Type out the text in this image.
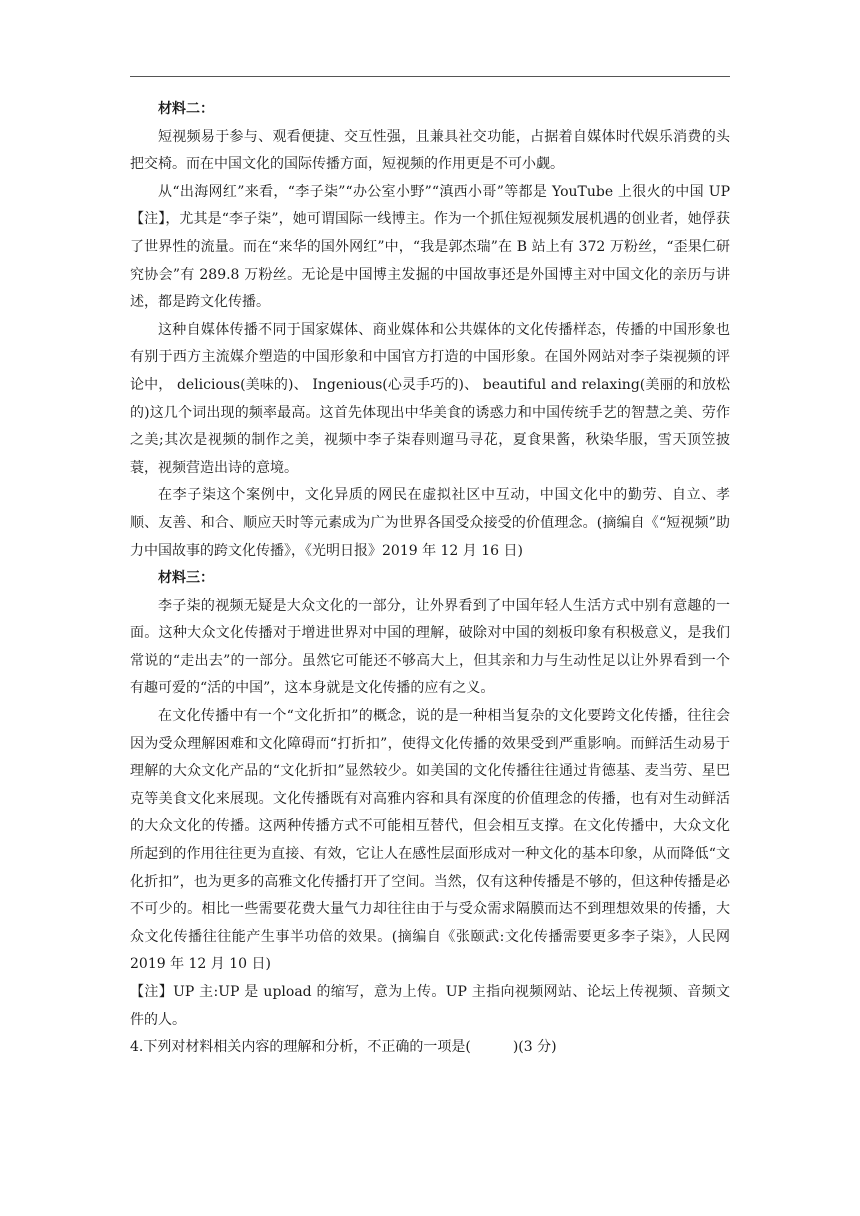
材料二：

短视频易于参与、观看便捷、交互性强，且兼具社交功能，占据着自媒体时代娱乐消费的头把交椅。而在中国文化的国际传播方面，短视频的作用更是不可小觑。

从“出海网红”来看，“李子柒”“办公室小野”“滇西小哥”等都是 YouTube 上很火的中国 UP【注】，尤其是“李子柒”，她可谓国际一线博主。作为一个抓住短视频发展机遇的创业者，她俘获了世界性的流量。而在“来华的国外网红”中，“我是郭杰瑞”在 B 站上有 372 万粉丝，“歪果仁研究协会”有 289.8 万粉丝。无论是中国博主发掘的中国故事还是外国博主对中国文化的亲历与讲述，都是跨文化传播。

这种自媒体传播不同于国家媒体、商业媒体和公共媒体的文化传播样态，传播的中国形象也有别于西方主流媒介塑造的中国形象和中国官方打造的中国形象。在国外网站对李子柒视频的评论中， delicious(美味的)、 Ingenious(心灵手巧的)、 beautiful and relaxing(美丽的和放松的)这几个词出现的频率最高。这首先体现出中华美食的诱惑力和中国传统手艺的智慧之美、劳作之美;其次是视频的制作之美，视频中李子柒春则遛马寻花，夏食果酱，秋染华服，雪天顶笠披蓑，视频营造出诗的意境。

在李子柒这个案例中，文化异质的网民在虚拟社区中互动，中国文化中的勤劳、自立、孝顺、友善、和合、顺应天时等元素成为广为世界各国受众接受的价值理念。(摘编自《“短视频”助力中国故事的跨文化传播》，《光明日报》2019 年 12 月 16 日)

材料三：

李子柒的视频无疑是大众文化的一部分，让外界看到了中国年轻人生活方式中别有意趣的一面。这种大众文化传播对于增进世界对中国的理解，破除对中国的刻板印象有积极意义，是我们常说的“走出去”的一部分。虽然它可能还不够高大上，但其亲和力与生动性足以让外界看到一个有趣可爱的“活的中国”，这本身就是文化传播的应有之义。

在文化传播中有一个“文化折扣”的概念，说的是一种相当复杂的文化要跨文化传播，往往会因为受众理解困难和文化障碍而“打折扣”，使得文化传播的效果受到严重影响。而鲜活生动易于理解的大众文化产品的“文化折扣”显然较少。如美国的文化传播往往通过肯德基、麦当劳、星巴克等美食文化来展现。文化传播既有对高雅内容和具有深度的价值理念的传播，也有对生动鲜活的大众文化的传播。这两种传播方式不可能相互替代，但会相互支撑。在文化传播中，大众文化所起到的作用往往更为直接、有效，它让人在感性层面形成对一种文化的基本印象，从而降低“文化折扣”，也为更多的高雅文化传播打开了空间。当然，仅有这种传播是不够的，但这种传播是必不可少的。相比一些需要花费大量气力却往往由于与受众需求隔膜而达不到理想效果的传播，大众文化传播往往能产生事半功倍的效果。(摘编自《张颐武:文化传播需要更多李子柒》，人民网 2019 年 12 月 10 日)

【注】UP 主:UP 是 upload 的缩写，意为上传。UP 主指向视频网站、论坛上传视频、音频文件的人。

4.下列对材料相关内容的理解和分析，不正确的一项是(　　　)(3 分)
